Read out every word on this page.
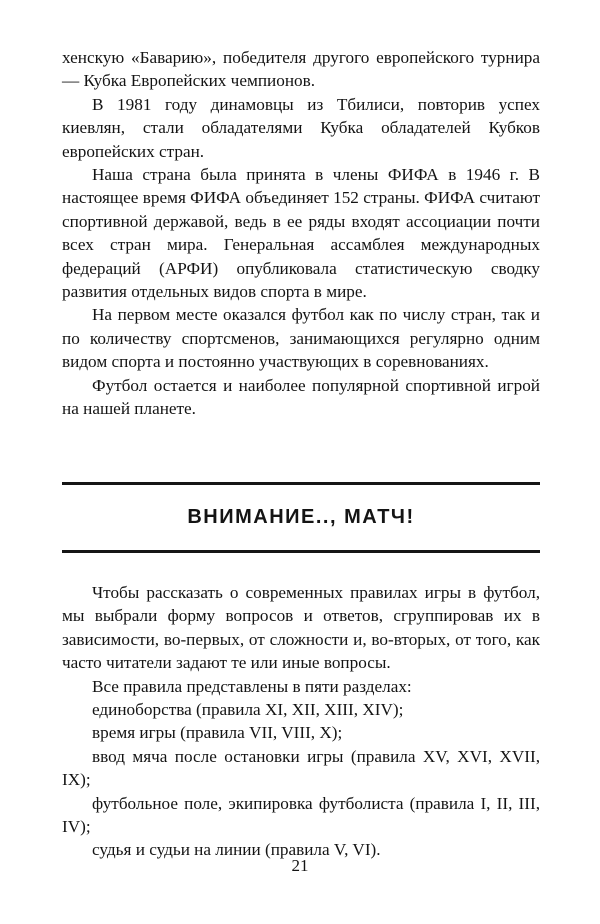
хенскую «Баварию», победителя другого европейского турнира — Кубка Европейских чемпионов.

В 1981 году динамовцы из Тбилиси, повторив успех киевлян, стали обладателями Кубка обладателей Кубков европейских стран.

Наша страна была принята в члены ФИФА в 1946 г. В настоящее время ФИФА объединяет 152 страны. ФИФА считают спортивной державой, ведь в ее ряды входят ассоциации почти всех стран мира. Генеральная ассамблея международных федераций (АРФИ) опубликовала статистическую сводку развития отдельных видов спорта в мире.

На первом месте оказался футбол как по числу стран, так и по количеству спортсменов, занимающихся регулярно одним видом спорта и постоянно участвующих в соревнованиях.

Футбол остается и наиболее популярной спортивной игрой на нашей планете.

ВНИМАНИЕ.., МАТЧ!

Чтобы рассказать о современных правилах игры в футбол, мы выбрали форму вопросов и ответов, сгруппировав их в зависимости, во-первых, от сложности и, во-вторых, от того, как часто читатели задают те или иные вопросы.

Все правила представлены в пяти разделах:

единоборства (правила XI, XII, XIII, XIV);

время игры (правила VII, VIII, X);

ввод мяча после остановки игры (правила XV, XVI, XVII, IX);

футбольное поле, экипировка футболиста (правила I, II, III, IV);

судья и судьи на линии (правила V, VI).

21
